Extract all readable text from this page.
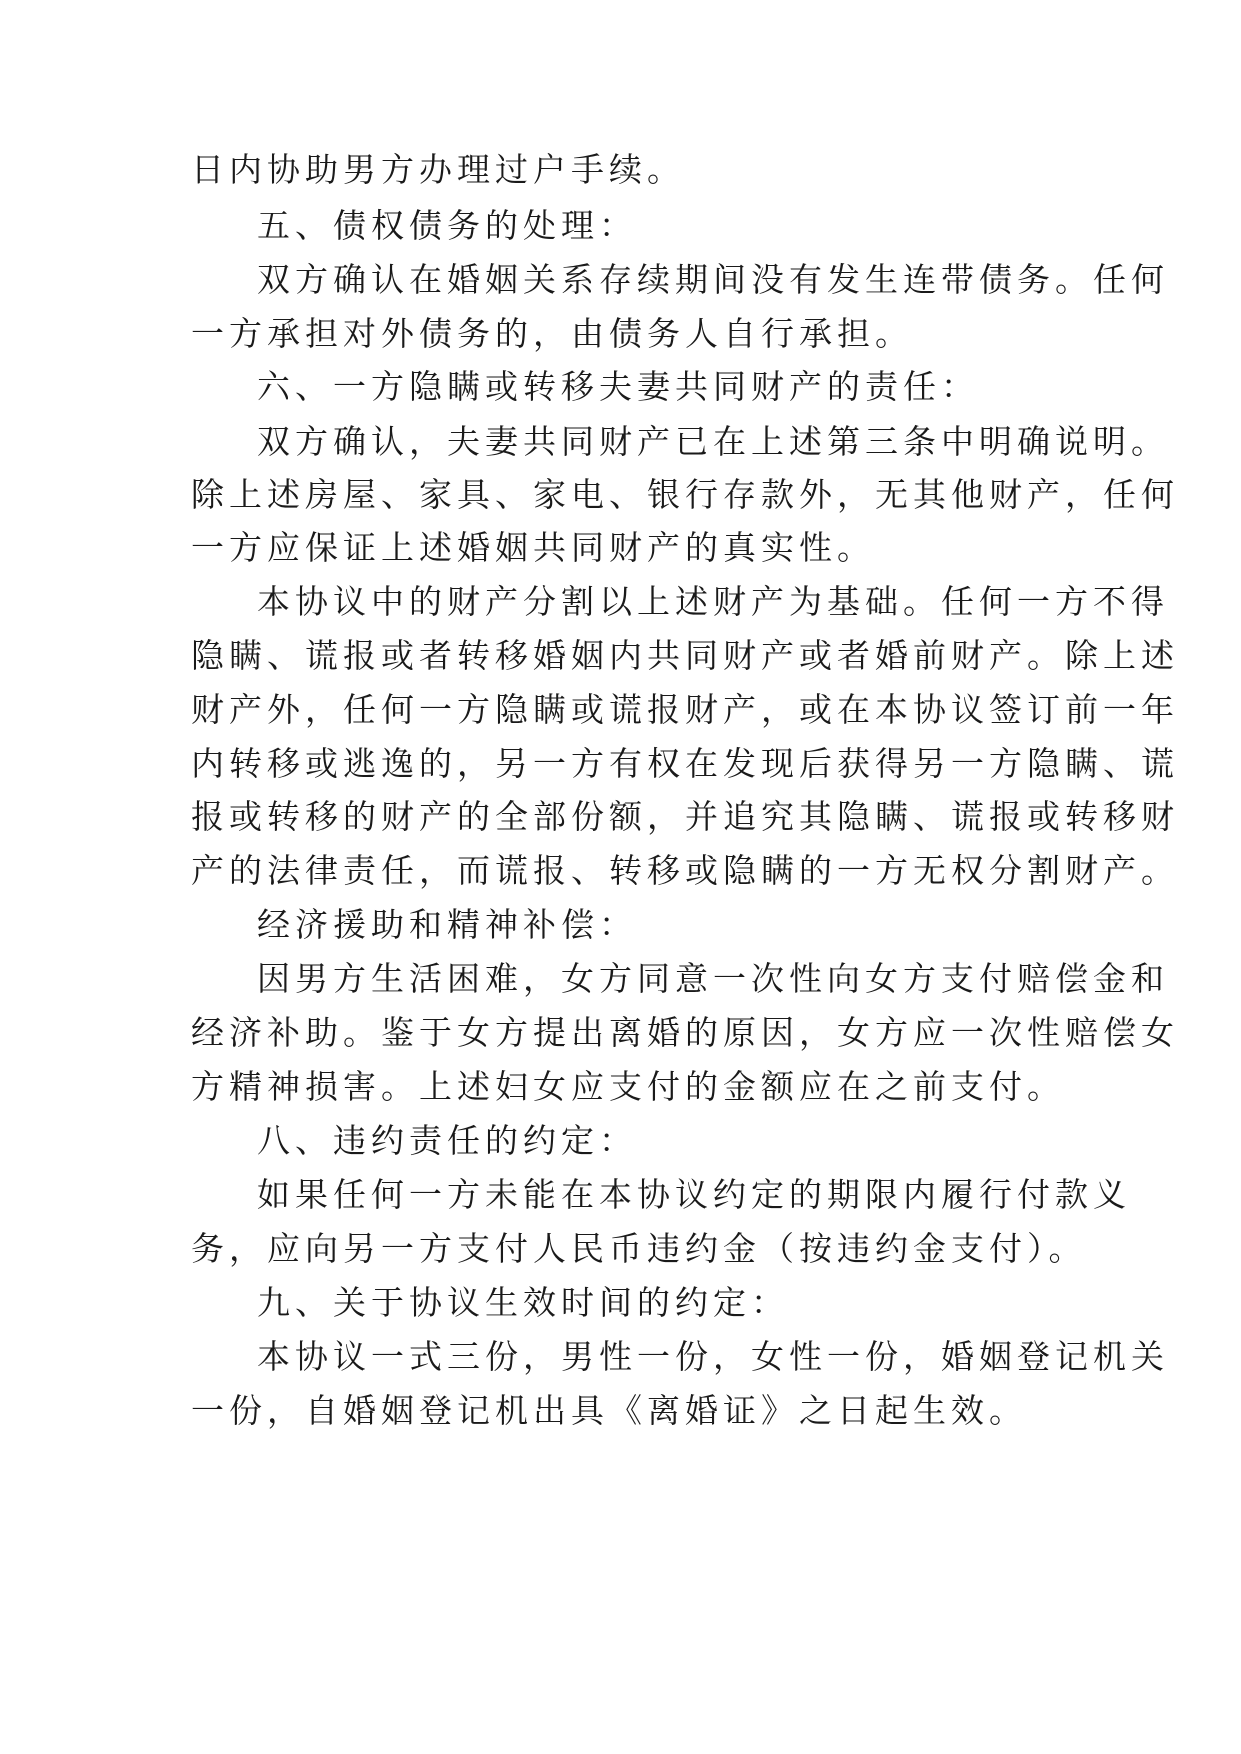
日内协助男方办理过户手续。
五、债权债务的处理：
双方确认在婚姻关系存续期间没有发生连带债务。任何
一方承担对外债务的，由债务人自行承担。
六、一方隐瞒或转移夫妻共同财产的责任：
双方确认，夫妻共同财产已在上述第三条中明确说明。
除上述房屋、家具、家电、银行存款外，无其他财产，任何
一方应保证上述婚姻共同财产的真实性。
本协议中的财产分割以上述财产为基础。任何一方不得
隐瞒、谎报或者转移婚姻内共同财产或者婚前财产。除上述
财产外，任何一方隐瞒或谎报财产，或在本协议签订前一年
内转移或逃逸的，另一方有权在发现后获得另一方隐瞒、谎
报或转移的财产的全部份额，并追究其隐瞒、谎报或转移财
产的法律责任，而谎报、转移或隐瞒的一方无权分割财产。
经济援助和精神补偿：
因男方生活困难，女方同意一次性向女方支付赔偿金和
经济补助。鉴于女方提出离婚的原因，女方应一次性赔偿女
方精神损害。上述妇女应支付的金额应在之前支付。
八、违约责任的约定：
如果任何一方未能在本协议约定的期限内履行付款义
务，应向另一方支付人民币违约金（按违约金支付）。
九、关于协议生效时间的约定：
本协议一式三份，男性一份，女性一份，婚姻登记机关
一份，自婚姻登记机出具《离婚证》之日起生效。
